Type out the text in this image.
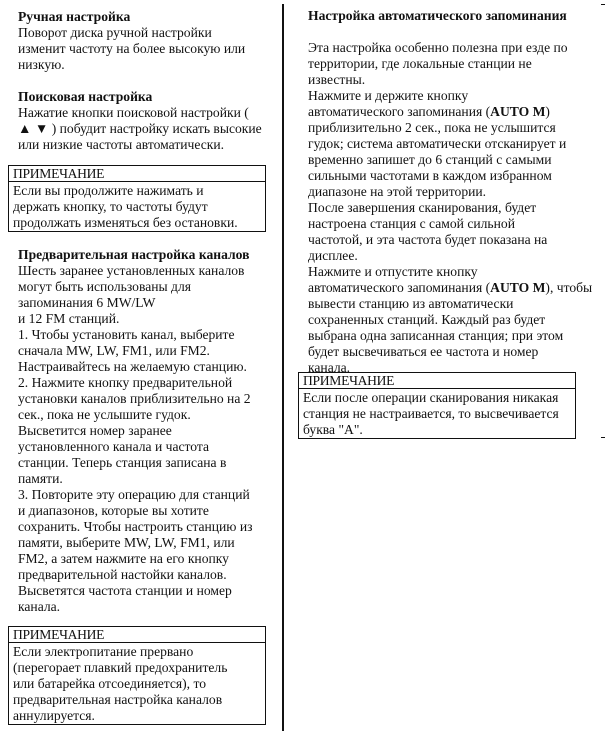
Ручная настройка

Поворот диска ручной настройки

изменит частоту на более высокую или

низкую.

Поисковая настройка

Нажатие кнопки поисковой настройки (

▲ ▼ ) побудит настройку искать высокие

или низкие частоты автоматически.

ПРИМЕЧАНИЕ

Если вы продолжите нажимать и

держать кнопку, то частоты будут

продолжать изменяться без остановки.

Предварительная настройка каналов

Шесть заранее установленных каналов

могут быть использованы для

запоминания 6 MW/LW

и 12 FM станций.

1. Чтобы установить канал, выберите

сначала MW, LW, FM1, или FM2.

Настраивайтесь на желаемую станцию.

2. Нажмите кнопку предварительной

установки каналов приблизительно на 2

сек., пока не услышите гудок.

Высветится номер заранее

установленного канала и частота

станции. Теперь станция записана в

памяти.

3. Повторите эту операцию для станций

и диапазонов, которые вы хотите

сохранить. Чтобы настроить станцию из

памяти, выберите MW, LW, FM1, или

FM2, а затем нажмите на его кнопку

предварительной настойки каналов.

Высветятся частота станции и номер

канала.

ПРИМЕЧАНИЕ

Если электропитание прервано

(перегорает плавкий предохранитель

или батарейка отсоединяется), то

предварительная настройка каналов

аннулируется.

Настройка автоматического запоминания

Эта настройка особенно полезна при езде по

территории, где локальные станции не

известны.

Нажмите и держите кнопку

автоматического запоминания (AUTO M)

приблизительно 2 сек., пока не услышится

гудок; система автоматически отсканирует и

временно запишет до 6 станций с самыми

сильными частотами в каждом избранном

диапазоне на этой территории.

После завершения сканирования, будет

настроена станция с самой сильной

частотой, и эта частота будет показана на

дисплее.

Нажмите и отпустите кнопку

автоматического запоминания (AUTO M), чтобы

вывести станцию из автоматически

сохраненных станций. Каждый раз будет

выбрана одна записанная станция; при этом

будет высвечиваться ее частота и номер

канала.

ПРИМЕЧАНИЕ

Если после операции сканирования никакая

станция не настраивается, то высвечивается

буква "А".
